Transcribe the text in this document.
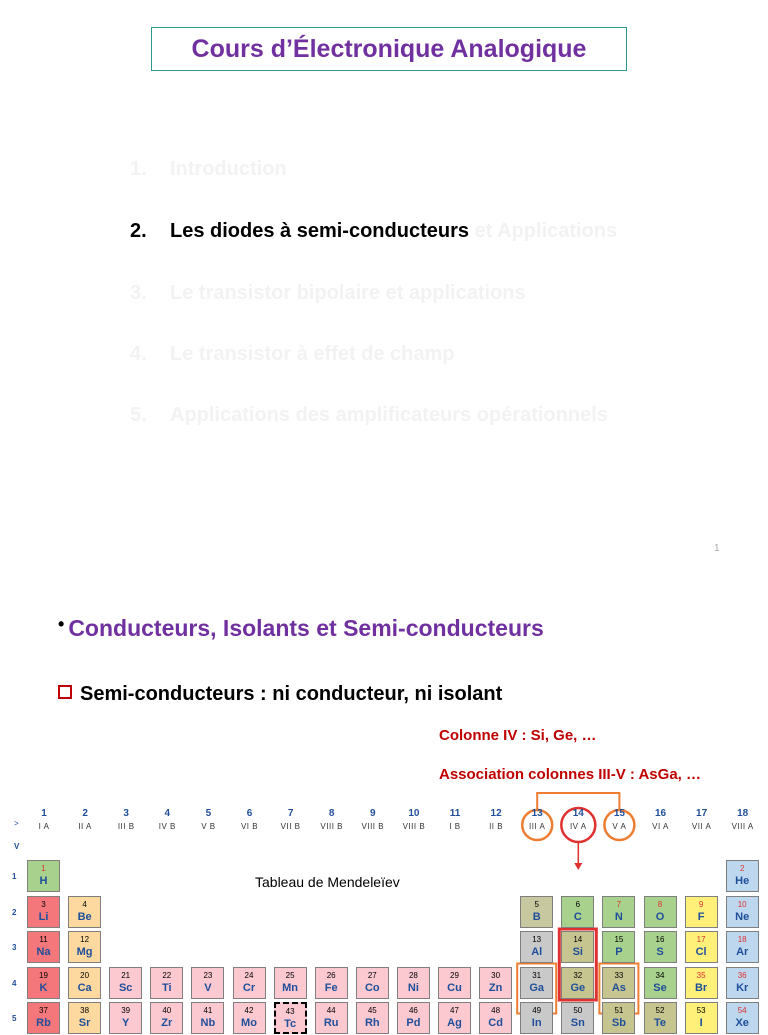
Cours d’Électronique Analogique
1. Introduction
2. Les diodes à semi-conducteurs et Applications
3. Le transistor bipolaire et applications
4. Le transistor à effet de champ
5. Applications des amplificateurs opérationnels
1
• Conducteurs, Isolants et Semi-conducteurs
Semi-conducteurs : ni conducteur, ni isolant
Colonne IV : Si, Ge, …
Association colonnes III-V : AsGa, …
>
V
Tableau de Mendeleïev
1
I A
2
II A
3
III B
4
IV B
5
V B
6
VI B
7
VII B
8
VIII B
9
VIII B
10
VIII B
11
I B
12
II B
13
III A
14
IV A
15
V A
16
VI A
17
VII A
18
VIII A
1
2
3
4
5
1
H
2
He
3
Li
4
Be
5
B
6
C
7
N
8
O
9
F
10
Ne
11
Na
12
Mg
13
Al
14
Si
15
P
16
S
17
Cl
18
Ar
19
K
20
Ca
21
Sc
22
Ti
23
V
24
Cr
25
Mn
26
Fe
27
Co
28
Ni
29
Cu
30
Zn
31
Ga
32
Ge
33
As
34
Se
35
Br
36
Kr
37
Rb
38
Sr
39
Y
40
Zr
41
Nb
42
Mo
43
Tc
44
Ru
45
Rh
46
Pd
47
Ag
48
Cd
49
In
50
Sn
51
Sb
52
Te
53
I
54
Xe
